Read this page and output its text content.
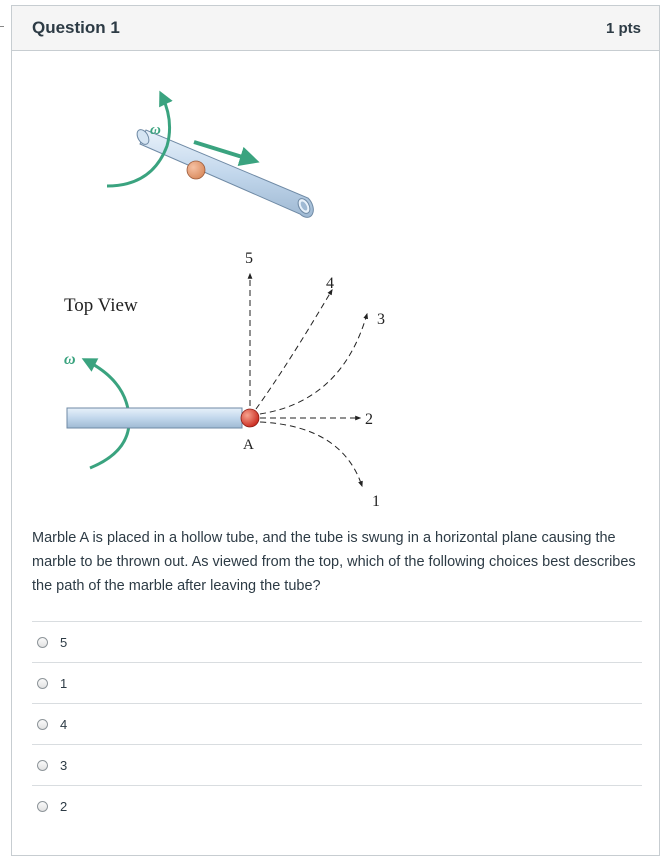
Question 1	1 pts
ω
Top View
ω
5
4
3
2
1
A
Marble A is placed in a hollow tube, and the tube is swung in a horizontal plane causing the marble to be thrown out. As viewed from the top, which of the following choices best describes the path of the marble after leaving the tube?
5
1
4
3
2
